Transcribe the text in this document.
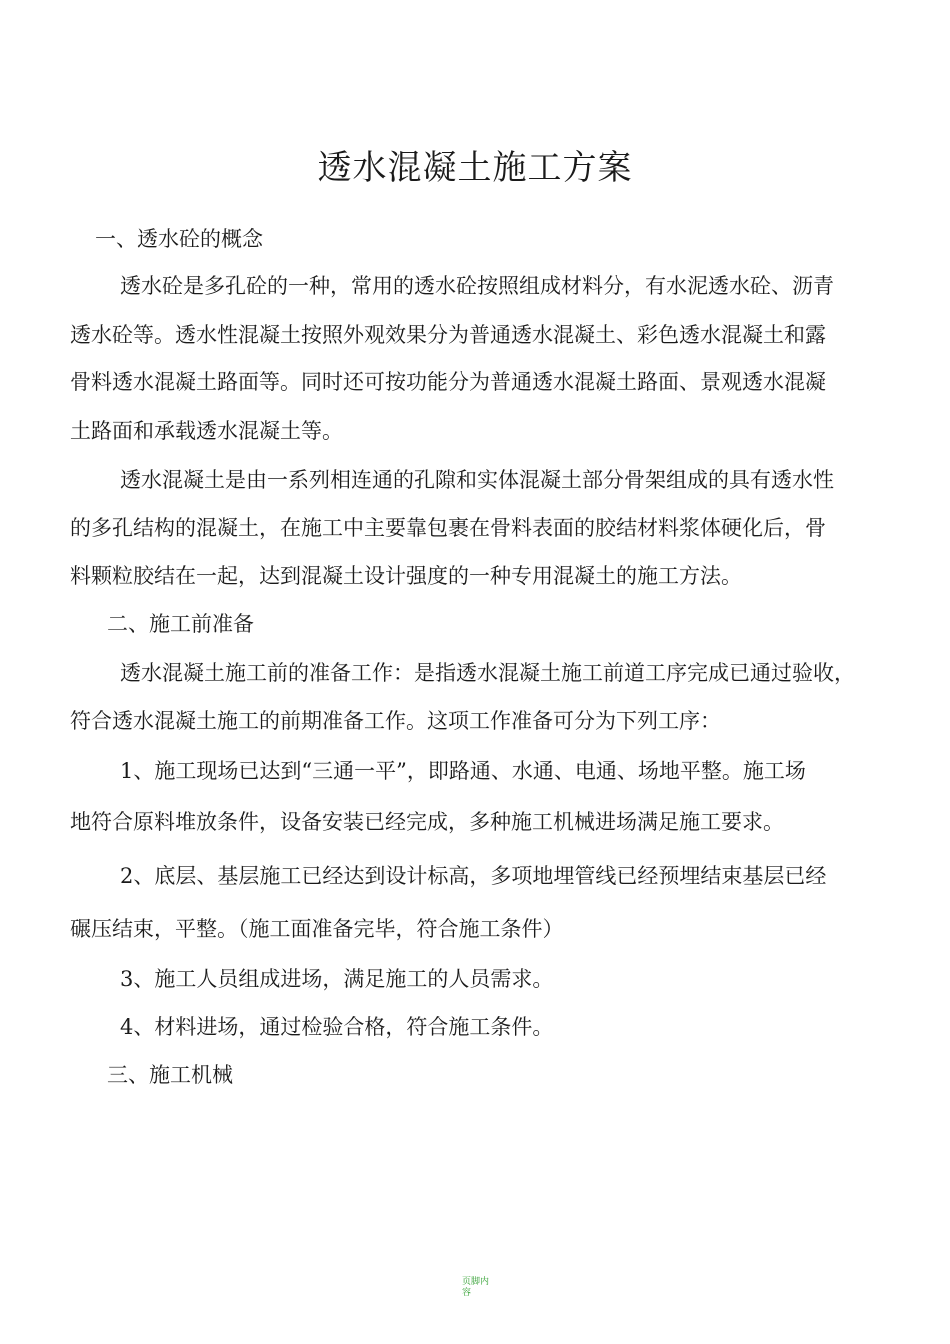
透水混凝土施工方案

一、透水砼的概念

透水砼是多孔砼的一种，常用的透水砼按照组成材料分，有水泥透水砼、沥青

透水砼等。透水性混凝土按照外观效果分为普通透水混凝土、彩色透水混凝土和露

骨料透水混凝土路面等。同时还可按功能分为普通透水混凝土路面、景观透水混凝

土路面和承载透水混凝土等。

透水混凝土是由一系列相连通的孔隙和实体混凝土部分骨架组成的具有透水性

的多孔结构的混凝土，在施工中主要靠包裹在骨料表面的胶结材料浆体硬化后，骨

料颗粒胶结在一起，达到混凝土设计强度的一种专用混凝土的施工方法。

二、施工前准备

透水混凝土施工前的准备工作：是指透水混凝土施工前道工序完成已通过验收，

符合透水混凝土施工的前期准备工作。这项工作准备可分为下列工序：

1、施工现场已达到“三通一平”，即路通、水通、电通、场地平整。施工场

地符合原料堆放条件，设备安装已经完成，多种施工机械进场满足施工要求。

2、底层、基层施工已经达到设计标高，多项地埋管线已经预埋结束基层已经

碾压结束，平整。（施工面准备完毕，符合施工条件）

3、施工人员组成进场，满足施工的人员需求。

4、材料进场，通过检验合格，符合施工条件。

三、施工机械

页脚内容
